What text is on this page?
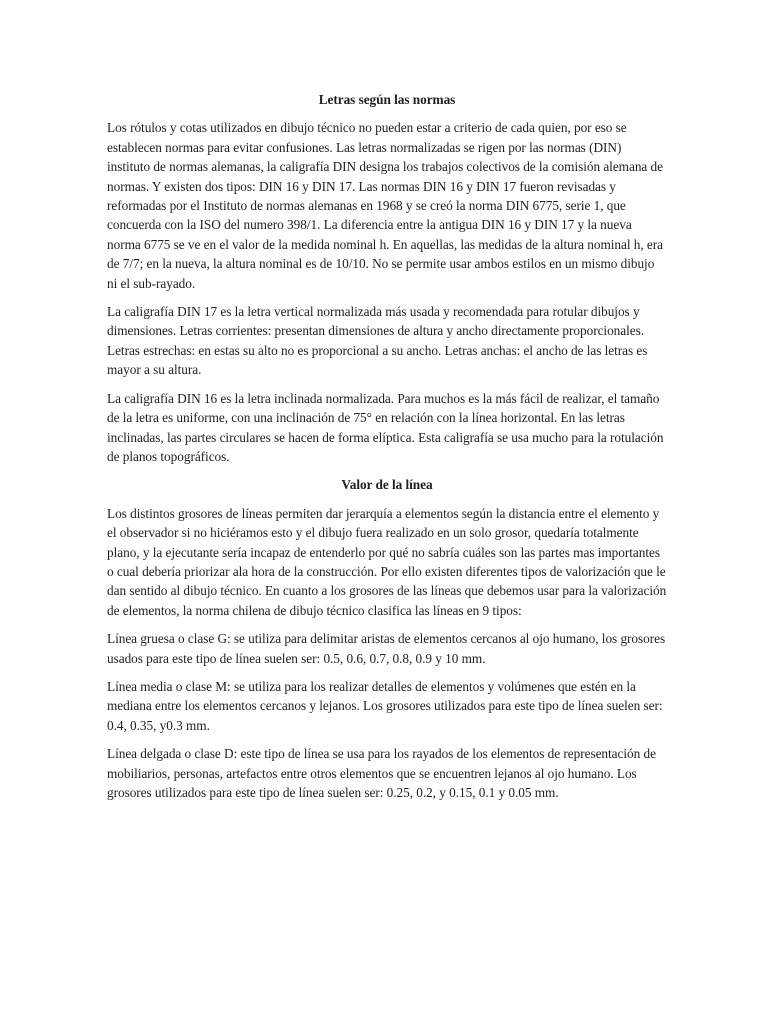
Letras según las normas

Los rótulos y cotas utilizados en dibujo técnico no pueden estar a criterio de cada quien, por eso se establecen normas para evitar confusiones. Las letras normalizadas se rigen por las normas (DIN) instituto de normas alemanas, la caligrafía DIN designa los trabajos colectivos de la comisión alemana de normas. Y existen dos tipos: DIN 16 y DIN 17. Las normas DIN 16 y DIN 17 fueron revisadas y reformadas por el Instituto de normas alemanas en 1968 y se creó la norma DIN 6775, serie 1, que concuerda con la ISO del numero 398/1. La diferencia entre la antigua DIN 16 y DIN 17 y la nueva norma 6775 se ve en el valor de la medida nominal h. En aquellas, las medidas de la altura nominal h, era de 7/7; en la nueva, la altura nominal es de 10/10. No se permite usar ambos estilos en un mismo dibujo ni el sub-rayado.

La caligrafía DIN 17 es la letra vertical normalizada más usada y recomendada para rotular dibujos y dimensiones. Letras corrientes: presentan dimensiones de altura y ancho directamente proporcionales. Letras estrechas: en estas su alto no es proporcional a su ancho. Letras anchas: el ancho de las letras es mayor a su altura.

La caligrafía DIN 16 es la letra inclinada normalizada. Para muchos es la más fácil de realizar, el tamaño de la letra es uniforme, con una inclinación de 75° en relación con la línea horizontal. En las letras inclinadas, las partes circulares se hacen de forma elíptica. Esta caligrafía se usa mucho para la rotulación de planos topográficos.

Valor de la línea

Los distintos grosores de líneas permiten dar jerarquía a elementos según la distancia entre el elemento y el observador si no hiciéramos esto y el dibujo fuera realizado en un solo grosor, quedaría totalmente plano, y la ejecutante sería incapaz de entenderlo por qué no sabría cuáles son las partes mas importantes o cual debería priorizar ala hora de la construcción. Por ello existen diferentes tipos de valorización que le dan sentido al dibujo técnico. En cuanto a los grosores de las líneas que debemos usar para la valorización de elementos, la norma chilena de dibujo técnico clasifica las líneas en 9 tipos:

Línea gruesa o clase G: se utiliza para delimitar aristas de elementos cercanos al ojo humano, los grosores usados para este tipo de línea suelen ser: 0.5, 0.6, 0.7, 0.8, 0.9 y 10 mm.

Línea media o clase M: se utiliza para los realizar detalles de elementos y volúmenes que estén en la mediana entre los elementos cercanos y lejanos. Los grosores utilizados para este tipo de línea suelen ser: 0.4, 0.35, y0.3 mm.

Línea delgada o clase D: este tipo de línea se usa para los rayados de los elementos de representación de mobiliarios, personas, artefactos entre otros elementos que se encuentren lejanos al ojo humano. Los grosores utilizados para este tipo de línea suelen ser: 0.25, 0.2, y 0.15, 0.1 y 0.05 mm.
